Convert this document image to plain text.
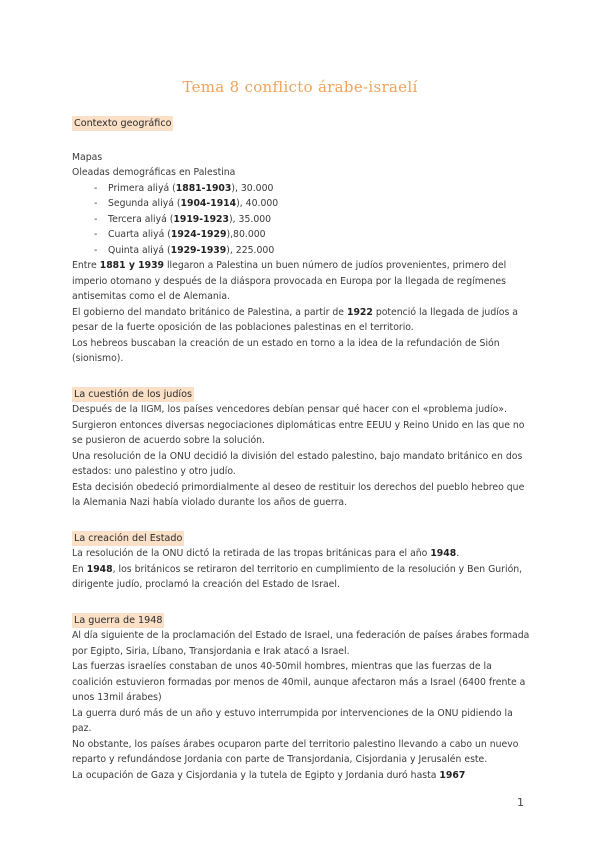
Tema 8 conflicto árabe-israelí
Contexto geográfico

Mapas

Oleadas demográficas en Palestina

- Primera aliyá (1881-1903), 30.000
- Segunda aliyá (1904-1914), 40.000
- Tercera aliyá (1919-1923), 35.000
- Cuarta aliyá (1924-1929),80.000
- Quinta aliyá (1929-1939), 225.000

Entre 1881 y 1939 llegaron a Palestina un buen número de judíos provenientes, primero del imperio otomano y después de la diáspora provocada en Europa por la llegada de regímenes antisemitas como el de Alemania.

El gobierno del mandato británico de Palestina, a partir de 1922 potenció la llegada de judíos a pesar de la fuerte oposición de las poblaciones palestinas en el territorio.

Los hebreos buscaban la creación de un estado en torno a la idea de la refundación de Sión (sionismo).

La cuestión de los judíos

Después de la IIGM, los países vencedores debían pensar qué hacer con el «problema judío».

Surgieron entonces diversas negociaciones diplomáticas entre EEUU y Reino Unido en las que no se pusieron de acuerdo sobre la solución.

Una resolución de la ONU decidió la división del estado palestino, bajo mandato británico en dos estados: uno palestino y otro judío.

Esta decisión obedeció primordialmente al deseo de restituir los derechos del pueblo hebreo que la Alemania Nazi había violado durante los años de guerra.

La creación del Estado

La resolución de la ONU dictó la retirada de las tropas británicas para el año 1948.

En 1948, los británicos se retiraron del territorio en cumplimiento de la resolución y Ben Gurión, dirigente judío, proclamó la creación del Estado de Israel.

La guerra de 1948

Al día siguiente de la proclamación del Estado de Israel, una federación de países árabes formada por Egipto, Siria, Líbano, Transjordania e Irak atacó a Israel.

Las fuerzas israelíes constaban de unos 40-50mil hombres, mientras que las fuerzas de la coalición estuvieron formadas por menos de 40mil, aunque afectaron más a Israel (6400 frente a unos 13mil árabes)

La guerra duró más de un año y estuvo interrumpida por intervenciones de la ONU pidiendo la paz.

No obstante, los países árabes ocuparon parte del territorio palestino llevando a cabo un nuevo reparto y refundándose Jordania con parte de Transjordania, Cisjordania y Jerusalén este.

La ocupación de Gaza y Cisjordania y la tutela de Egipto y Jordania duró hasta 1967

1
